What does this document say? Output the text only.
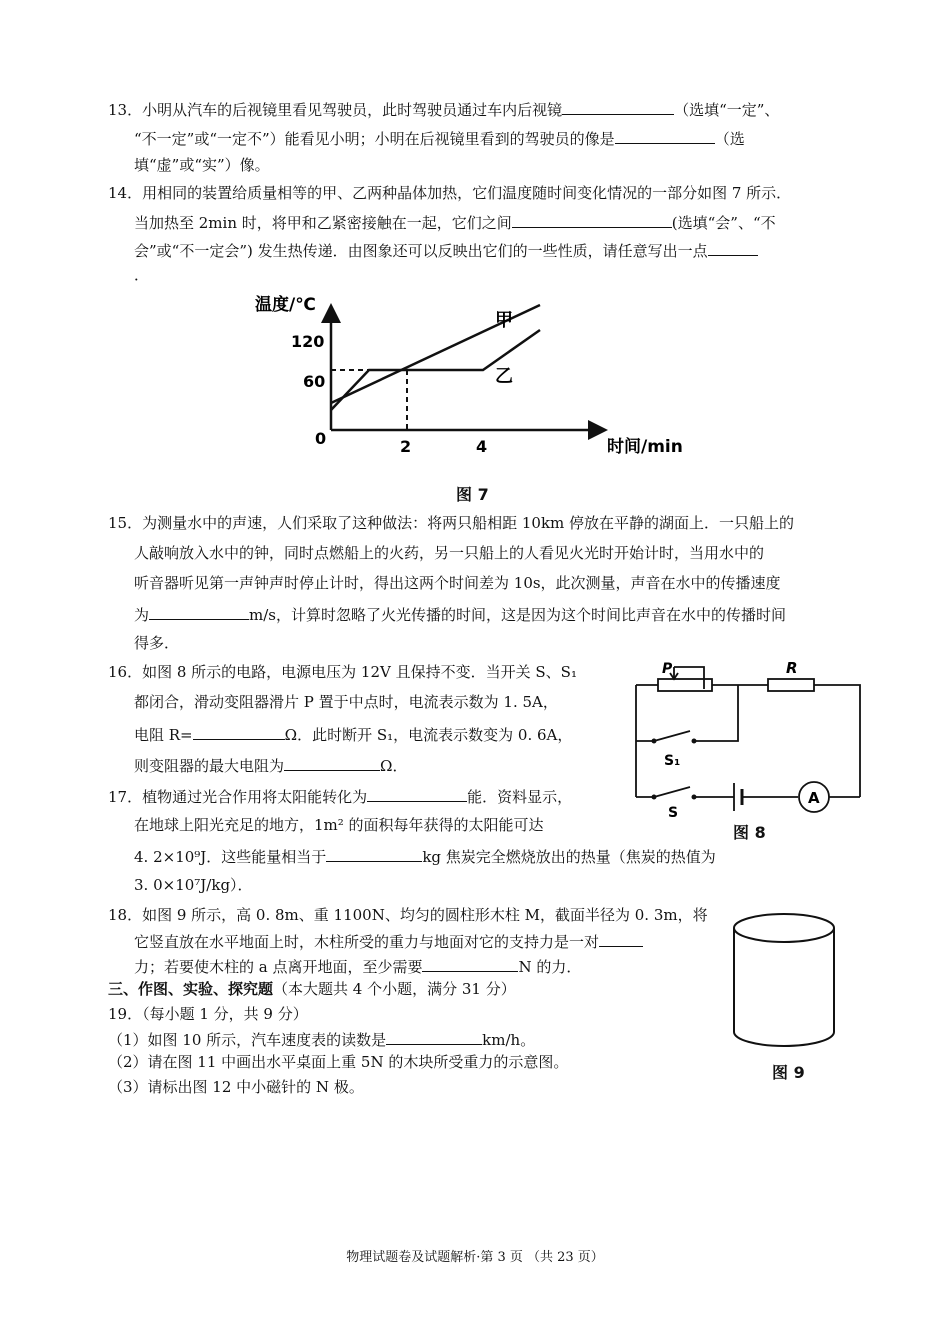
13．小明从汽车的后视镜里看见驾驶员，此时驾驶员通过车内后视镜	（选填“一定”、
“不一定”或“一定不”）能看见小明；小明在后视镜里看到的驾驶员的像是	（选
填“虚”或“实”）像。
14．用相同的装置给质量相等的甲、乙两种晶体加热，它们温度随时间变化情况的一部分如图 7 所示．
当加热至 2min 时，将甲和乙紧密接触在一起，它们之间	(选填“会”、“不
会”或“不一定会”) 发生热传递．由图象还可以反映出它们的一些性质，请任意写出一点
．
温度/℃
时间/min
0
120
60
2	4
甲
乙
图 7
15．为测量水中的声速，人们采取了这种做法：将两只船相距 10km 停放在平静的湖面上．一只船上的
人敲响放入水中的钟，同时点燃船上的火药，另一只船上的人看见火光时开始计时，当用水中的
听音器听见第一声钟声时停止计时，得出这两个时间差为 10s，此次测量，声音在水中的传播速度
为	m/s，计算时忽略了火光传播的时间，这是因为这个时间比声音在水中的传播时间
得多．
16．如图 8 所示的电路，电源电压为 12V 且保持不变．当开关 S、S₁
都闭合，滑动变阻器滑片 P 置于中点时，电流表示数为 1. 5A，
电阻 R=	Ω．此时断开 S₁，电流表示数变为 0. 6A，
则变阻器的最大电阻为	Ω．
P	R
S₁
S
A
图 8
17．植物通过光合作用将太阳能转化为	能．资料显示，
在地球上阳光充足的地方，1m² 的面积每年获得的太阳能可达
4. 2×10⁹J．这些能量相当于	kg 焦炭完全燃烧放出的热量（焦炭的热值为
3. 0×10⁷J/kg）．
18．如图 9 所示，高 0. 8m、重 1100N、均匀的圆柱形木柱 M，截面半径为 0. 3m，将
它竖直放在水平地面上时，木柱所受的重力与地面对它的支持力是一对
力；若要使木柱的 a 点离开地面，至少需要	N 的力．
图 9
三、作图、实验、探究题（本大题共 4 个小题，满分 31 分）
19．（每小题 1 分，共 9 分）
（1）如图 10 所示，汽车速度表的读数是	km/h。
（2）请在图 11 中画出水平桌面上重 5N 的木块所受重力的示意图。
（3）请标出图 12 中小磁针的 N 极。
物理试题卷及试题解析·第 3 页 （共 23 页）
